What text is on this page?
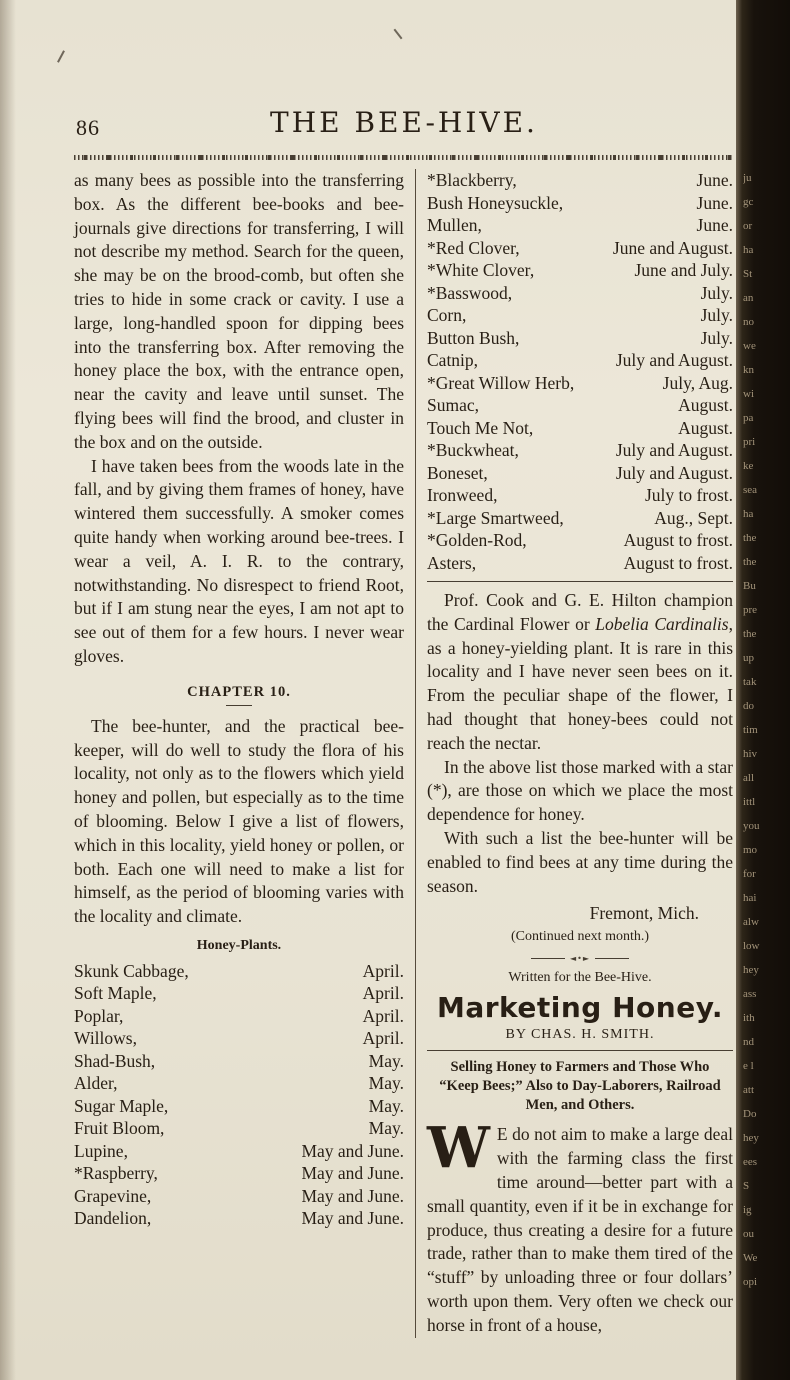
86	THE BEE-HIVE.

as many bees as possible into the transferring box. As the different bee-books and bee-journals give directions for transferring, I will not describe my method. Search for the queen, she may be on the brood-comb, but often she tries to hide in some crack or cavity. I use a large, long-handled spoon for dipping bees into the transferring box. After removing the honey place the box, with the entrance open, near the cavity and leave until sunset. The flying bees will find the brood, and cluster in the box and on the outside.

I have taken bees from the woods late in the fall, and by giving them frames of honey, have wintered them successfully. A smoker comes quite handy when working around bee-trees. I wear a veil, A. I. R. to the contrary, notwithstanding. No disrespect to friend Root, but if I am stung near the eyes, I am not apt to see out of them for a few hours. I never wear gloves.

CHAPTER 10.

The bee-hunter, and the practical bee-keeper, will do well to study the flora of his locality, not only as to the flowers which yield honey and pollen, but especially as to the time of blooming. Below I give a list of flowers, which in this locality, yield honey or pollen, or both. Each one will need to make a list for himself, as the period of blooming varies with the locality and climate.

Honey-Plants.
Skunk Cabbage,	April.
Soft Maple,	April.
Poplar,	April.
Willows,	April.
Shad-Bush,	May.
Alder,	May.
Sugar Maple,	May.
Fruit Bloom,	May.
Lupine,	May and June.
*Raspberry,	May and June.
Grapevine,	May and June.
Dandelion,	May and June.
*Blackberry,	June.
Bush Honeysuckle,	June.
Mullen,	June.
*Red Clover,	June and August.
*White Clover,	June and July.
*Basswood,	July.
Corn,	July.
Button Bush,	July.
Catnip,	July and August.
*Great Willow Herb,	July, Aug.
Sumac,	August.
Touch Me Not,	August.
*Buckwheat,	July and August.
Boneset,	July and August.
Ironweed,	July to frost.
*Large Smartweed,	Aug., Sept.
*Golden-Rod,	August to frost.
Asters,	August to frost.

Prof. Cook and G. E. Hilton champion the Cardinal Flower or Lobelia Cardinalis, as a honey-yielding plant. It is rare in this locality and I have never seen bees on it. From the peculiar shape of the flower, I had thought that honey-bees could not reach the nectar.

In the above list those marked with a star (*), are those on which we place the most dependence for honey.

With such a list the bee-hunter will be enabled to find bees at any time during the season.

Fremont, Mich.
(Continued next month.)
◄•►
Written for the Bee-Hive.
Marketing Honey.
BY CHAS. H. SMITH.
Selling Honey to Farmers and Those Who “Keep Bees;” Also to Day-Laborers, Railroad Men, and Others.

W E do not aim to make a large deal with the farming class the first time around—better part with a small quantity, even if it be in exchange for produce, thus creating a desire for a future trade, rather than to make them tired of the “stuff” by unloading three or four dollars’ worth upon them. Very often we check our horse in front of a house,

ju
gc
or
ha
St
an
no
we
kn
wi
pa
pri
ke
sea
ha
the
the
Bu
pre
the
up
tak
do
tim
hiv
all
ittl
you
mo
for
hai
alw
low
hey
ass
ith
nd
e l
att
Do
hey
ees
S
ig
ou
We
opi
